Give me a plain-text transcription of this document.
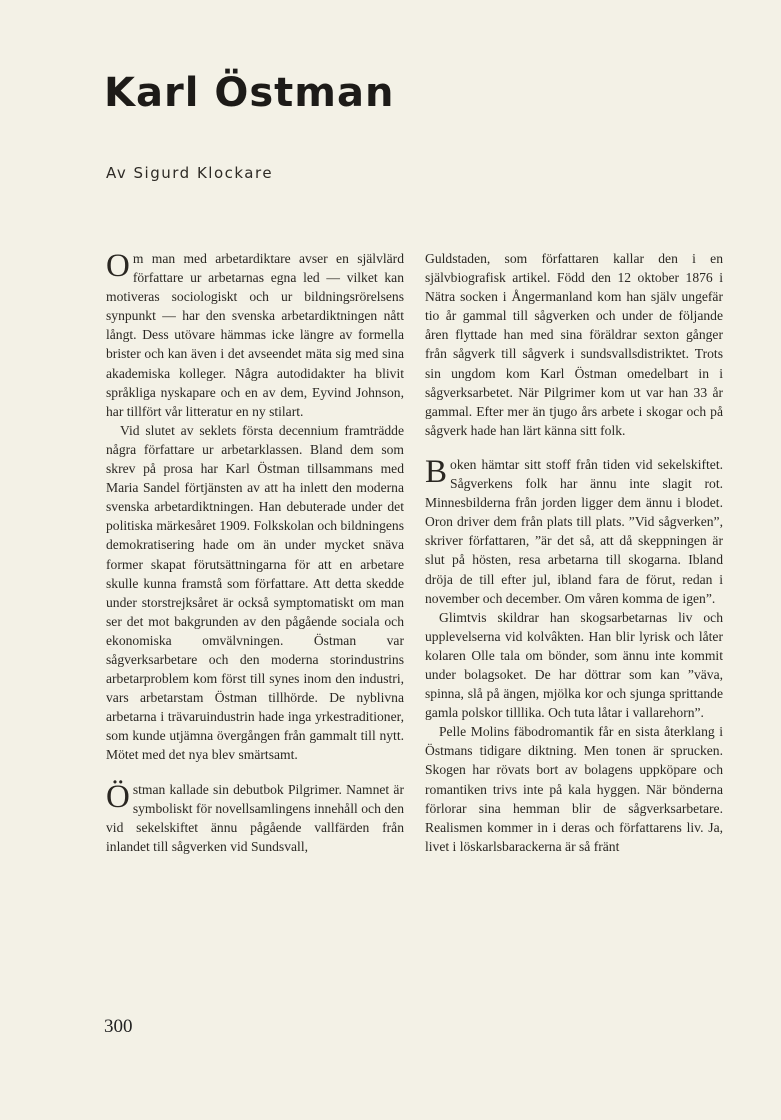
Karl Östman

Av Sigurd Klockare

Om man med arbetardiktare avser en självlärd författare ur arbetarnas egna led — vilket kan motiveras sociologiskt och ur bildningsrörelsens synpunkt — har den svenska arbetardiktningen nått långt. Dess utövare hämmas icke längre av formella brister och kan även i det avseendet mäta sig med sina akademiska kolleger. Några autodidakter ha blivit språkliga nyskapare och en av dem, Eyvind Johnson, har tillfört vår litteratur en ny stilart.

Vid slutet av seklets första decennium framträdde några författare ur arbetarklassen. Bland dem som skrev på prosa har Karl Östman tillsammans med Maria Sandel förtjänsten av att ha inlett den moderna svenska arbetardiktningen. Han debuterade under det politiska märkesåret 1909. Folkskolan och bildningens demokratisering hade om än under mycket snäva former skapat förutsättningarna för att en arbetare skulle kunna framstå som författare. Att detta skedde under storstrejksåret är också symptomatiskt om man ser det mot bakgrunden av den pågående sociala och ekonomiska omvälvningen. Östman var sågverksarbetare och den moderna storindustrins arbetarproblem kom först till synes inom den industri, vars arbetarstam Östman tillhörde. De nyblivna arbetarna i trävaruindustrin hade inga yrkestraditioner, som kunde utjämna övergången från gammalt till nytt. Mötet med det nya blev smärtsamt.

Östman kallade sin debutbok Pilgrimer. Namnet är symboliskt för novellsamlingens innehåll och den vid sekelskiftet ännu pågående vallfärden från inlandet till sågverken vid Sundsvall,

Guldstaden, som författaren kallar den i en självbiografisk artikel. Född den 12 oktober 1876 i Nätra socken i Ångermanland kom han själv ungefär tio år gammal till sågverken och under de följande åren flyttade han med sina föräldrar sexton gånger från sågverk till sågverk i sundsvallsdistriktet. Trots sin ungdom kom Karl Östman omedelbart in i sågverksarbetet. När Pilgrimer kom ut var han 33 år gammal. Efter mer än tjugo års arbete i skogar och på sågverk hade han lärt känna sitt folk.

Boken hämtar sitt stoff från tiden vid sekelskiftet. Sågverkens folk har ännu inte slagit rot. Minnesbilderna från jorden ligger dem ännu i blodet. Oron driver dem från plats till plats. ”Vid sågverken”, skriver författaren, ”är det så, att då skeppningen är slut på hösten, resa arbetarna till skogarna. Ibland dröja de till efter jul, ibland fara de förut, redan i november och december. Om våren komma de igen”.

Glimtvis skildrar han skogsarbetarnas liv och upplevelserna vid kolvâkten. Han blir lyrisk och låter kolaren Olle tala om bönder, som ännu inte kommit under bolagsoket. De har döttrar som kan ”väva, spinna, slå på ängen, mjölka kor och sjunga sprittande gamla polskor tilllika. Och tuta låtar i vallarehorn”.

Pelle Molins fäbodromantik får en sista återklang i Östmans tidigare diktning. Men tonen är sprucken. Skogen har rövats bort av bolagens uppköpare och romantiken trivs inte på kala hyggen. När bönderna förlorar sina hemman blir de sågverksarbetare. Realismen kommer in i deras och författarens liv. Ja, livet i löskarlsbarackerna är så fränt

300
